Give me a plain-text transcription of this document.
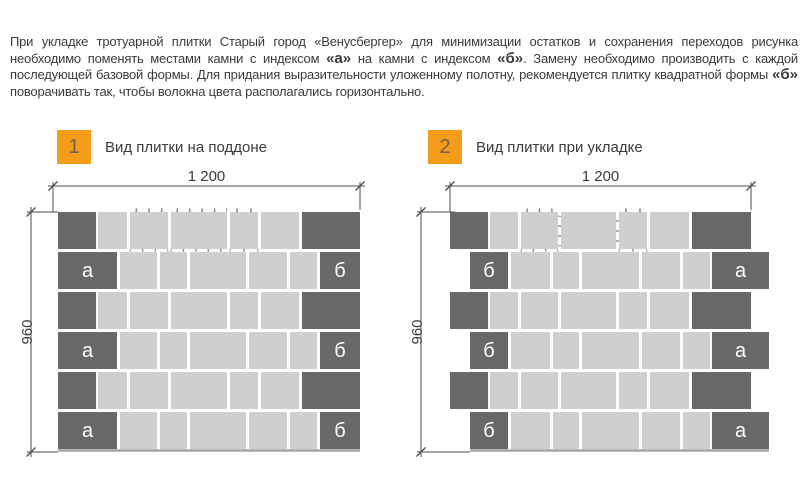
При укладке тротуарной плитки Старый город «Венусбергер» для минимизации остатков и сохранения переходов рисунка необходимо поменять местами камни с индексом «а» на камни с индексом «б». Замену необходимо производить с каждой последующей базовой формы. Для придания выразительности уложенному полотну, рекомендуется плитку квадратной формы «б» поворачивать так, чтобы волокна цвета располагались горизонтально.

1 Вид плитки на поддоне	2 Вид плитки при укладке
1 200
960
1 200
960
а	б
а	б
а	б
б	а
б	а
б	а
